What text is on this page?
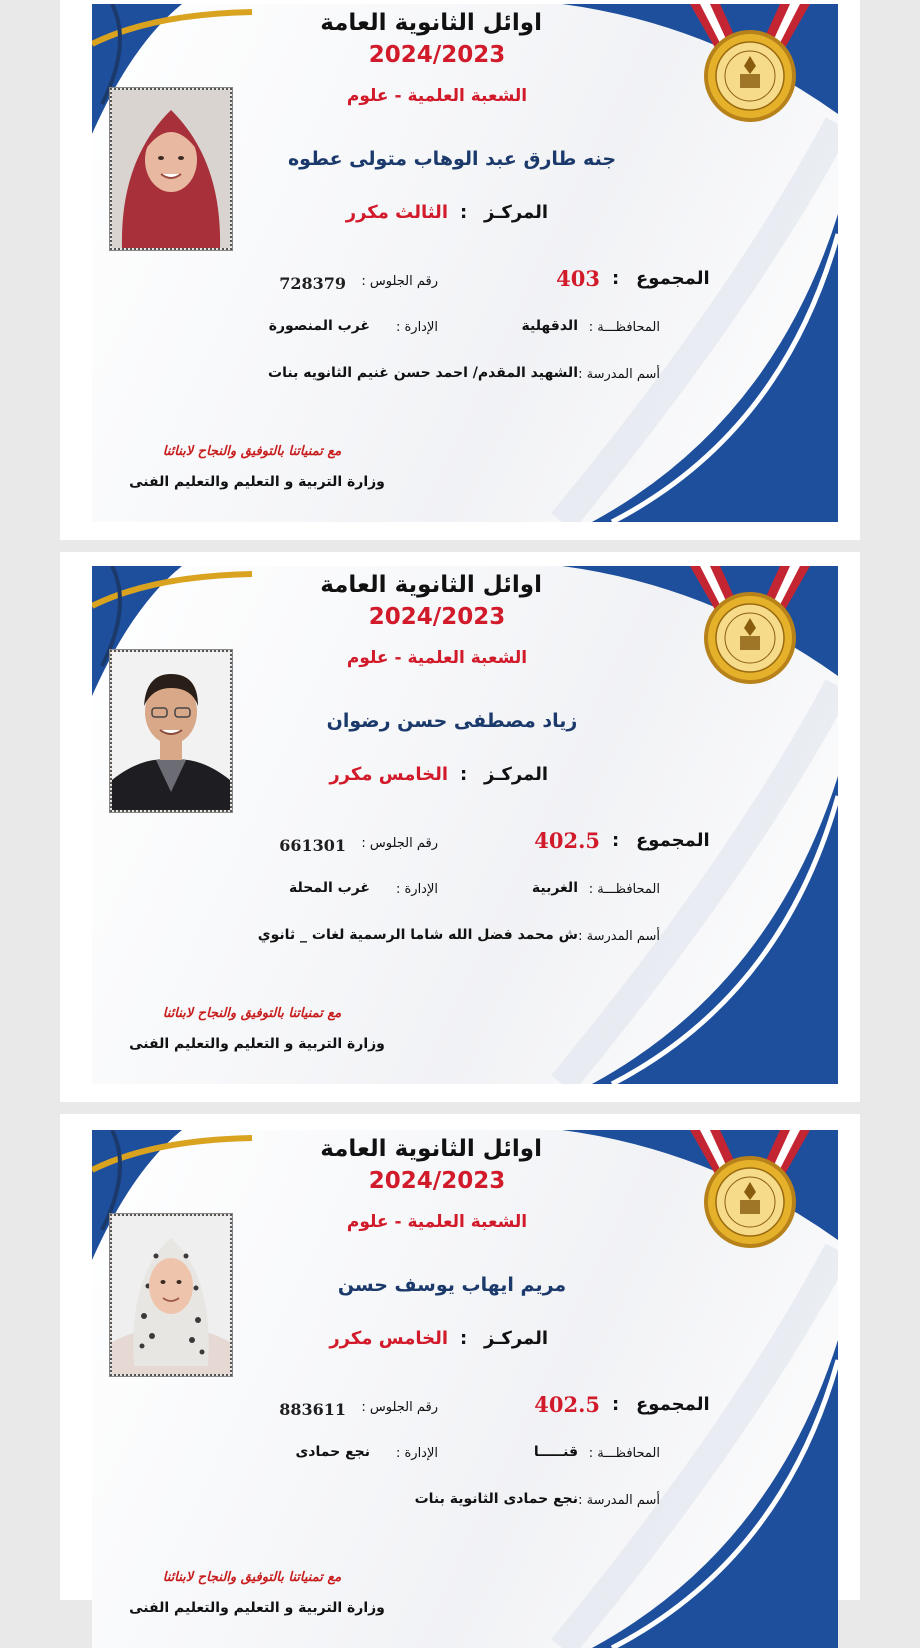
اوائل الثانوية العامة
2024/2023
الشعبة العلمية - علوم
جنه طارق عبد الوهاب متولى عطوه
المركـز
:
الثالث مكرر
المجموع
:
403
رقم الجلوس :
728379
المحافظـــة :
الدقهلية
الإدارة :
غرب المنصورة
أسم المدرسة :
الشهيد المقدم/ احمد حسن غنيم الثانويه بنات
مع تمنياتنا بالتوفيق والنجاح لابنائنا
وزارة التربية و التعليم والتعليم الفنى
اوائل الثانوية العامة
2024/2023
الشعبة العلمية - علوم
زياد مصطفى حسن رضوان
المركـز
:
الخامس مكرر
المجموع
:
402.5
رقم الجلوس :
661301
المحافظـــة :
الغربية
الإدارة :
غرب المحلة
أسم المدرسة :
ش محمد فضل الله شاما الرسمية لغات _ ثانوي
مع تمنياتنا بالتوفيق والنجاح لابنائنا
وزارة التربية و التعليم والتعليم الفنى
اوائل الثانوية العامة
2024/2023
الشعبة العلمية - علوم
مريم ايهاب يوسف حسن
المركـز
:
الخامس مكرر
المجموع
:
402.5
رقم الجلوس :
883611
المحافظـــة :
قنـــــا
الإدارة :
نجع حمادى
أسم المدرسة :
نجع حمادى الثانوية بنات
مع تمنياتنا بالتوفيق والنجاح لابنائنا
وزارة التربية و التعليم والتعليم الفنى
